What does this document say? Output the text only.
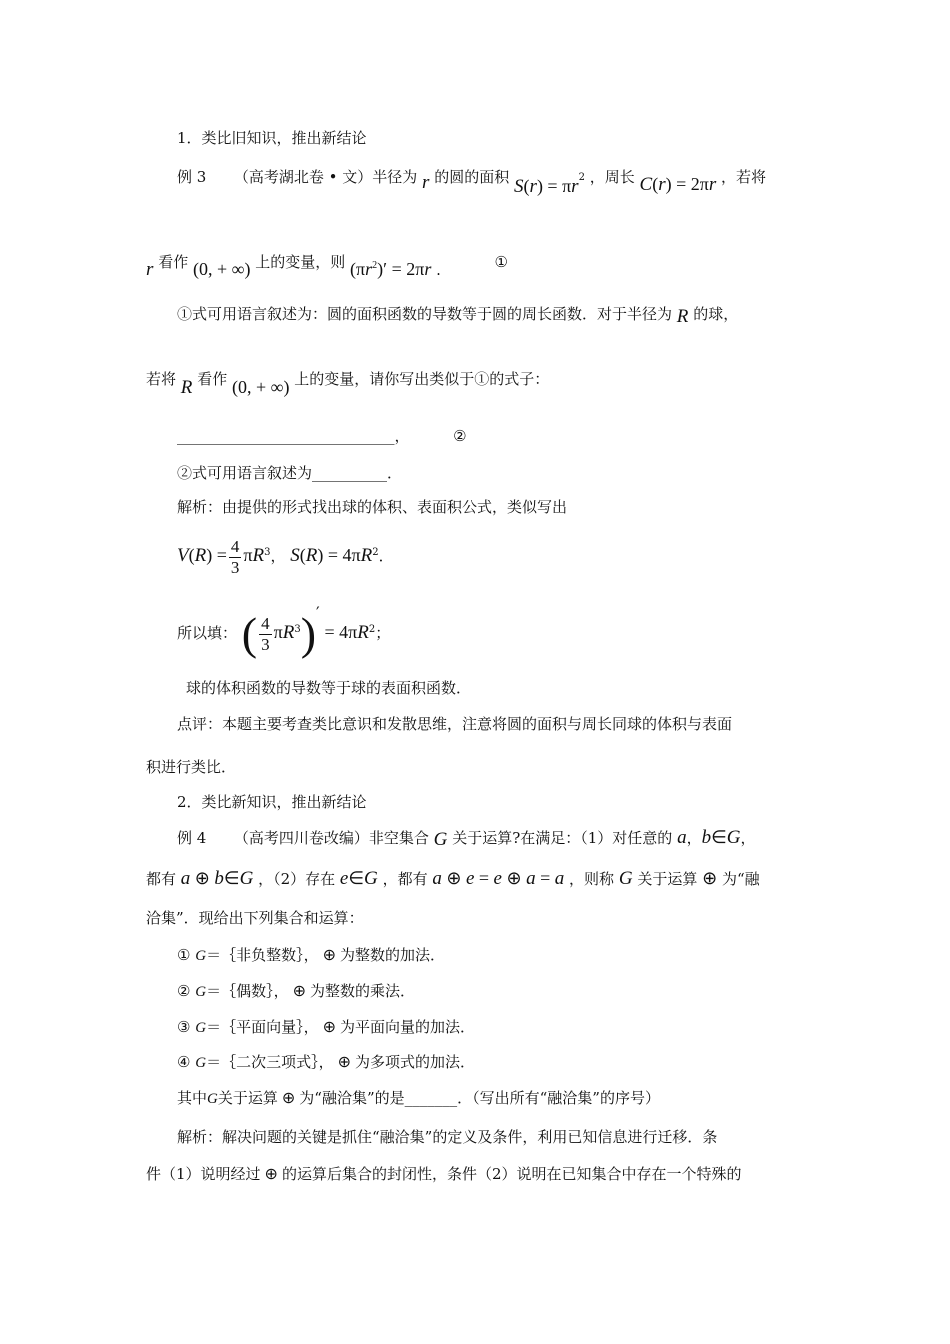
1．类比旧知识，推出新结论
例 3 （高考湖北卷 • 文）半径为 r 的圆的面积 $S(r) = \pi r^2$ ，周长 C(r) = 2πr ，若将
r 看作 (0, + ∞) 上的变量，则 $(\pi r^2)' = 2\pi r$ .	①
①式可用语言叙述为：圆的面积函数的导数等于圆的周长函数．对于半径为 R 的球，
若将 R 看作 (0, + ∞) 上的变量，请你写出类似于①的式子：
_____________________________，	②
②式可用语言叙述为__________．
解析：由提供的形式找出球的体积、表面积公式，类似写出
$V(R) = \frac{4}{3} \pi R^3$， $S(R) = 4\pi R^2$．
所以填： ( $\frac{4}{3} \pi R^3)' = 4\pi R^2$；
球的体积函数的导数等于球的表面积函数．
点评：本题主要考查类比意识和发散思维，注意将圆的面积与周长同球的体积与表面
积进行类比．
2．类比新知识，推出新结论
例 4 （高考四川卷改编）非空集合 G 关于运算?在满足：（1）对任意的 a，b∈G，
都有 a ⊕ b∈G ，（2）存在 e∈G ，都有 a ⊕ e = e ⊕ a = a ，则称 G 关于运算 ⊕ 为“融
洽集”．现给出下列集合和运算：
① G＝｛非负整数｝， ⊕ 为整数的加法．
② G＝｛偶数｝， ⊕ 为整数的乘法．
③ G＝｛平面向量｝， ⊕ 为平面向量的加法．
④ G＝｛二次三项式｝， ⊕ 为多项式的加法．
其中G关于运算 ⊕ 为“融洽集”的是_______．（写出所有“融洽集”的序号）
解析：解决问题的关键是抓住“融洽集”的定义及条件，利用已知信息进行迁移．条
件（1）说明经过 ⊕ 的运算后集合的封闭性，条件（2）说明在已知集合中存在一个特殊的
